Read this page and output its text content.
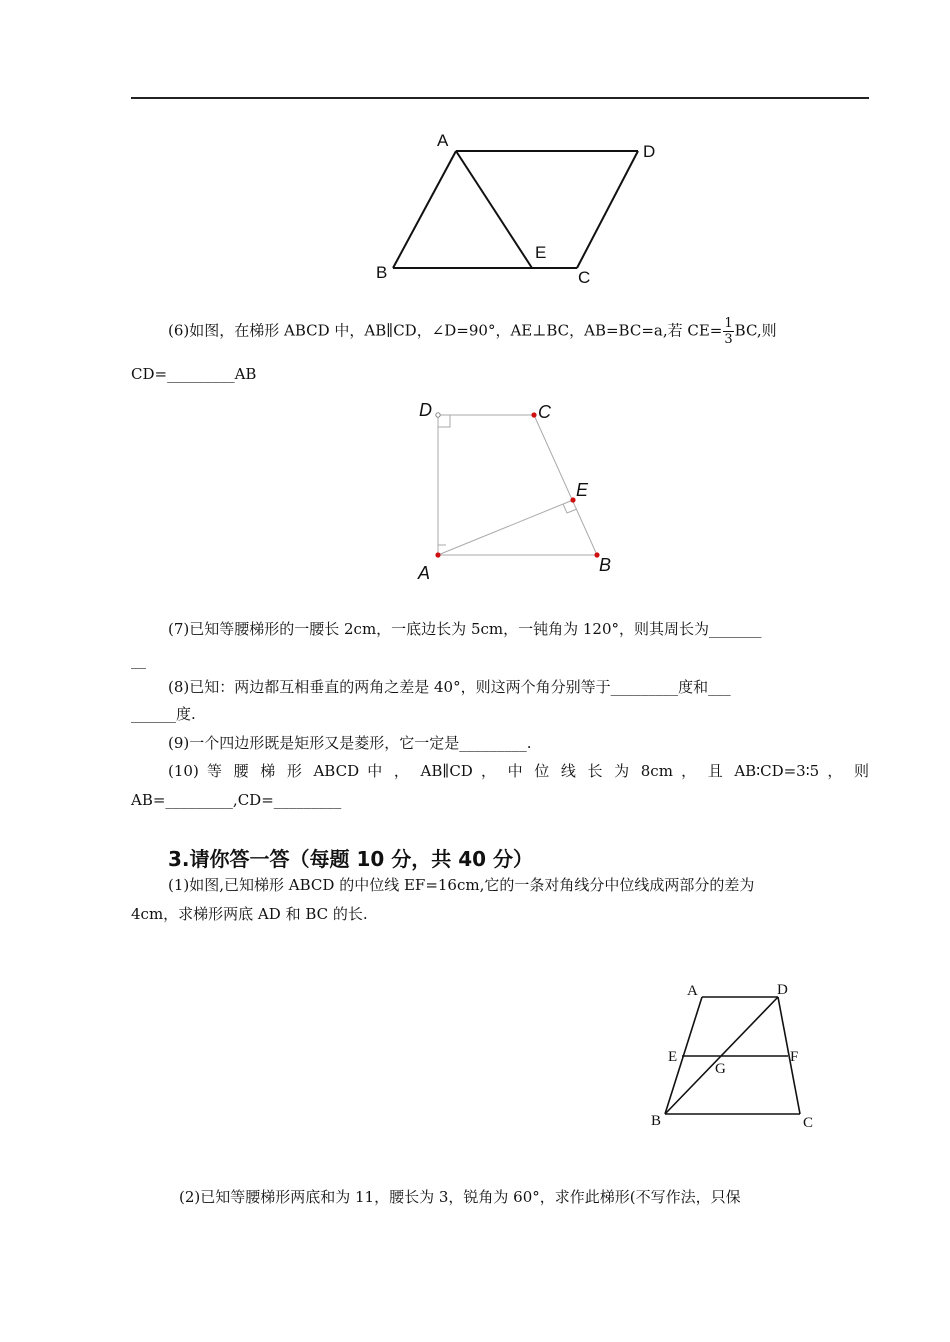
A
D
B
E
C
(6)如图，在梯形 ABCD 中，AB∥CD，∠D=90°，AE⊥BC，AB=BC=a,若 $CE= \frac{1}{3}$ BC,则
CD=_________AB
D	C
E
A	B
(7)已知等腰梯形的一腰长 2cm，一底边长为 5cm，一钝角为 120°，则其周长为_______
__
(8)已知：两边都互相垂直的两角之差是 40°，则这两个角分别等于_________度和___
______度.
(9)一个四边形既是矩形又是菱形，它一定是_________.
(10) 等 腰 梯 形 ABCD 中 ， AB∥CD ， 中 位 线 长 为 8cm ， 且 AB∶CD=3∶5 ， 则
AB=_________,CD=_________
3.请你答一答（每题 10 分，共 40 分）
(1)如图,已知梯形 ABCD 的中位线 EF=16cm,它的一条对角线分中位线成两部分的差为
4cm，求梯形两底 AD 和 BC 的长.
A	D
E	F
G
B	C
(2)已知等腰梯形两底和为 11，腰长为 3，锐角为 60°，求作此梯形(不写作法，只保
